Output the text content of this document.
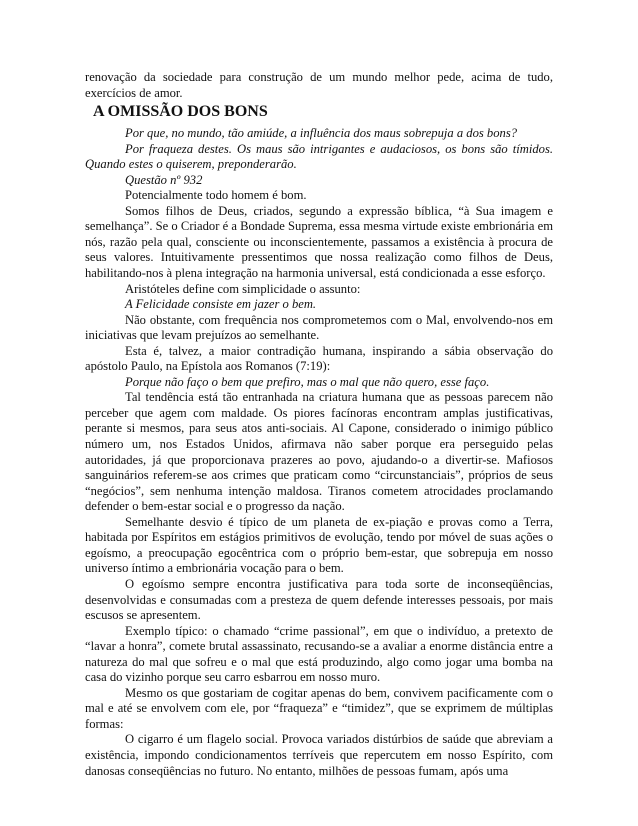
renovação da sociedade para construção de um mundo melhor pede, acima de tudo, exercícios de amor.

A OMISSÃO DOS BONS

Por que, no mundo, tão amiúde, a influência dos maus sobrepuja a dos bons?

Por fraqueza destes. Os maus são intrigantes e audaciosos, os bons são tímidos. Quando estes o quiserem, preponderarão.

Questão nº 932

Potencialmente todo homem é bom.

Somos filhos de Deus, criados, segundo a expressão bíblica, “à Sua imagem e semelhança”. Se o Criador é a Bondade Suprema, essa mesma virtude existe embrionária em nós, razão pela qual, consciente ou inconscientemente, passamos a existência à procura de seus valores. Intuitivamente pressentimos que nossa realização como filhos de Deus, habilitando-nos à plena integração na harmonia universal, está condicionada a esse esforço.

Aristóteles define com simplicidade o assunto:

A Felicidade consiste em jazer o bem.

Não obstante, com frequência nos comprometemos com o Mal, envolvendo-nos em iniciativas que levam prejuízos ao semelhante.

Esta é, talvez, a maior contradição humana, inspirando a sábia observação do apóstolo Paulo, na Epístola aos Romanos (7:19):

Porque não faço o bem que prefiro, mas o mal que não quero, esse faço.

Tal tendência está tão entranhada na criatura humana que as pessoas parecem não perceber que agem com maldade. Os piores facínoras encontram amplas justificativas, perante si mesmos, para seus atos anti-sociais. Al Capone, considerado o inimigo público número um, nos Estados Unidos, afirmava não saber porque era perseguido pelas autoridades, já que proporcionava prazeres ao povo, ajudando-o a divertir-se. Mafiosos sanguinários referem-se aos crimes que praticam como “circunstanciais”, próprios de seus “negócios”, sem nenhuma intenção maldosa. Tiranos cometem atrocidades proclamando defender o bem-estar social e o progresso da nação.

Semelhante desvio é típico de um planeta de ex-piação e provas como a Terra, habitada por Espíritos em estágios primitivos de evolução, tendo por móvel de suas ações o egoísmo, a preocupação egocêntrica com o próprio bem-estar, que sobrepuja em nosso universo íntimo a embrionária vocação para o bem.

O egoísmo sempre encontra justificativa para toda sorte de inconseqüências, desenvolvidas e consumadas com a presteza de quem defende interesses pessoais, por mais escusos se apresentem.

Exemplo típico: o chamado “crime passional”, em que o indivíduo, a pretexto de “lavar a honra”, comete brutal assassinato, recusando-se a avaliar a enorme distância entre a natureza do mal que sofreu e o mal que está produzindo, algo como jogar uma bomba na casa do vizinho porque seu carro esbarrou em nosso muro.

Mesmo os que gostariam de cogitar apenas do bem, convivem pacificamente com o mal e até se envolvem com ele, por “fraqueza” e “timidez”, que se exprimem de múltiplas formas:

O cigarro é um flagelo social. Provoca variados distúrbios de saúde que abreviam a existência, impondo condicionamentos terríveis que repercutem em nosso Espírito, com danosas conseqüências no futuro. No entanto, milhões de pessoas fumam, após uma
